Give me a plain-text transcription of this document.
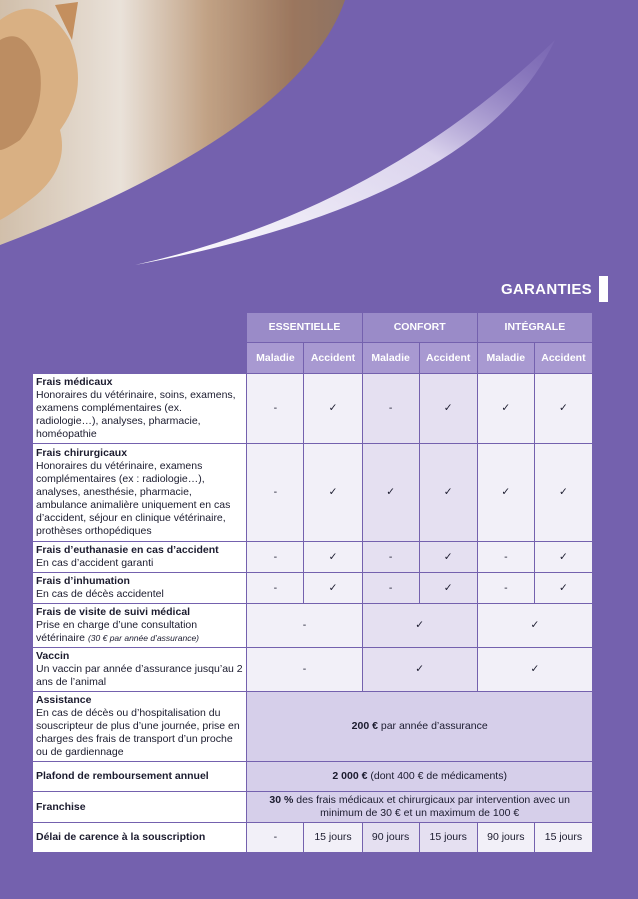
GARANTIES
	ESSENTIELLE		CONFORT		INTÉGRALE	
	Maladie	Accident	Maladie	Accident	Maladie	Accident

Frais médicaux
Honoraires du vétérinaire, soins, examens, examens complémentaires (ex. radiologie…), analyses, pharmacie, homéopathie	-	✓	-	✓	✓	✓

Frais chirurgicaux
Honoraires du vétérinaire, examens complémentaires (ex : radiologie…), analyses, anesthésie, pharmacie, ambulance animalière uniquement en cas d’accident, séjour en clinique vétérinaire, prothèses orthopédiques	-	✓	✓	✓	✓	✓

Frais d’euthanasie en cas d’accident
En cas d’accident garanti	-	✓	-	✓	-	✓

Frais d’inhumation
En cas de décès accidentel	-	✓	-	✓	-	✓

Frais de visite de suivi médical
Prise en charge d’une consultation vétérinaire (30 € par année d’assurance)	-		✓		✓	

Vaccin
Un vaccin par année d’assurance jusqu’au 2 ans de l’animal	-		✓		✓	

Assistance
En cas de décès ou d’hospitalisation du souscripteur de plus d’une journée, prise en charges des frais de transport d’un proche ou de gardiennage	200 € par année d’assurance					

Plafond de remboursement annuel	2 000 € (dont 400 € de médicaments)					

Franchise	30 % des frais médicaux et chirurgicaux par intervention avec un minimum de 30 € et un maximum de 100 €					

Délai de carence à la souscription	-	15 jours	90 jours	15 jours	90 jours	15 jours
